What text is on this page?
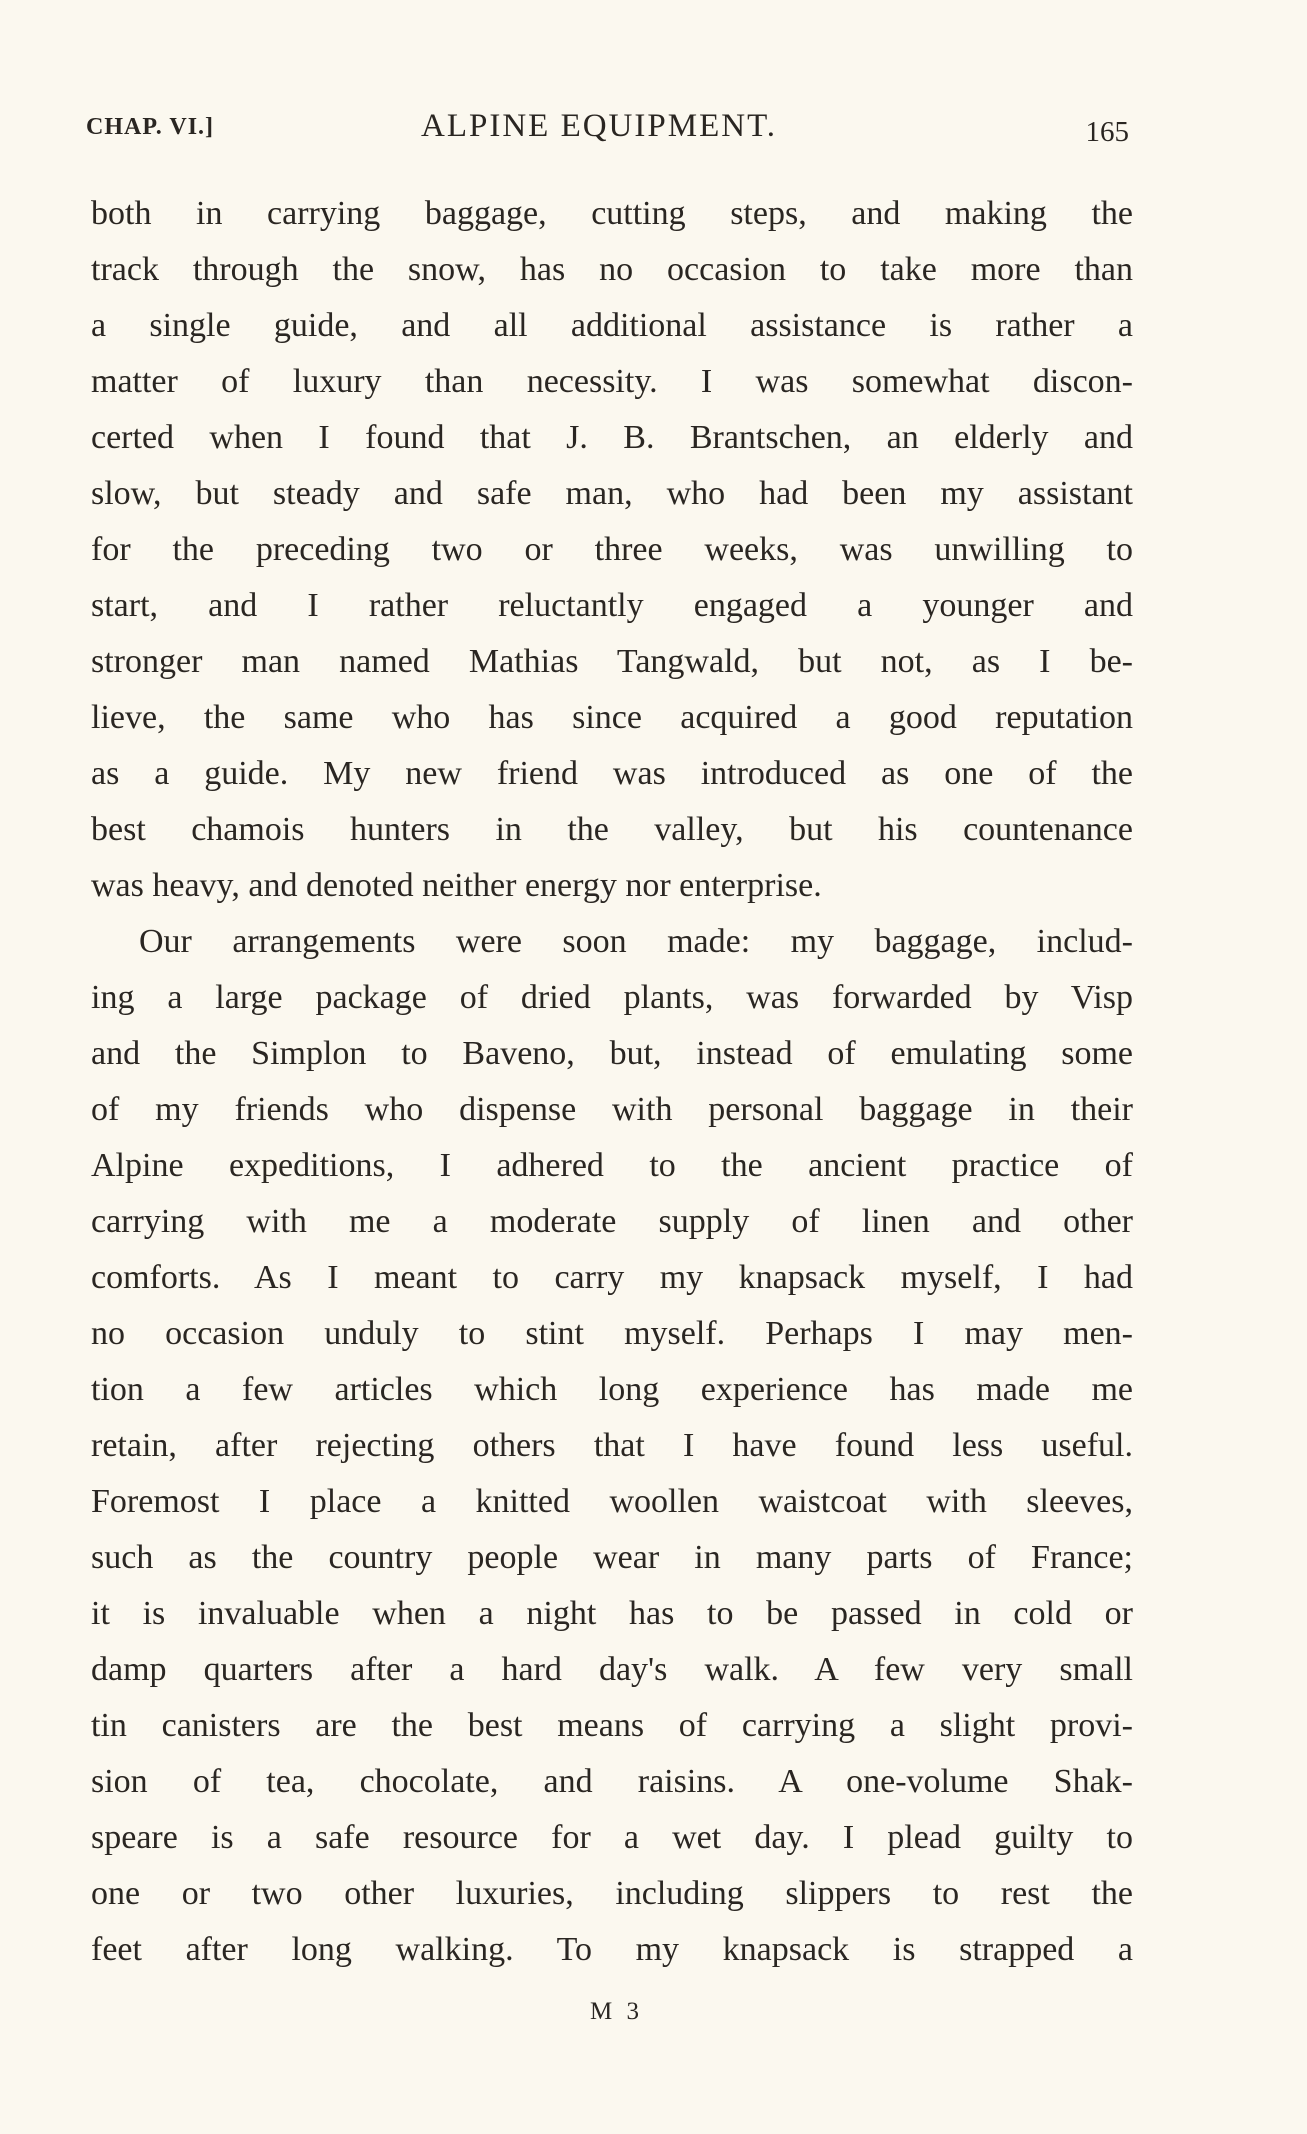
CHAP. VI.]	ALPINE EQUIPMENT.	165
both in carrying baggage, cutting steps, and making the
track through the snow, has no occasion to take more than
a single guide, and all additional assistance is rather a
matter of luxury than necessity. I was somewhat discon-
certed when I found that J. B. Brantschen, an elderly and
slow, but steady and safe man, who had been my assistant
for the preceding two or three weeks, was unwilling to
start, and I rather reluctantly engaged a younger and
stronger man named Mathias Tangwald, but not, as I be-
lieve, the same who has since acquired a good reputation
as a guide. My new friend was introduced as one of the
best chamois hunters in the valley, but his countenance
was heavy, and denoted neither energy nor enterprise.
Our arrangements were soon made: my baggage, includ-
ing a large package of dried plants, was forwarded by Visp
and the Simplon to Baveno, but, instead of emulating some
of my friends who dispense with personal baggage in their
Alpine expeditions, I adhered to the ancient practice of
carrying with me a moderate supply of linen and other
comforts. As I meant to carry my knapsack myself, I had
no occasion unduly to stint myself. Perhaps I may men-
tion a few articles which long experience has made me
retain, after rejecting others that I have found less useful.
Foremost I place a knitted woollen waistcoat with sleeves,
such as the country people wear in many parts of France;
it is invaluable when a night has to be passed in cold or
damp quarters after a hard day's walk. A few very small
tin canisters are the best means of carrying a slight provi-
sion of tea, chocolate, and raisins. A one-volume Shak-
speare is a safe resource for a wet day. I plead guilty to
one or two other luxuries, including slippers to rest the
feet after long walking. To my knapsack is strapped a
M 3
